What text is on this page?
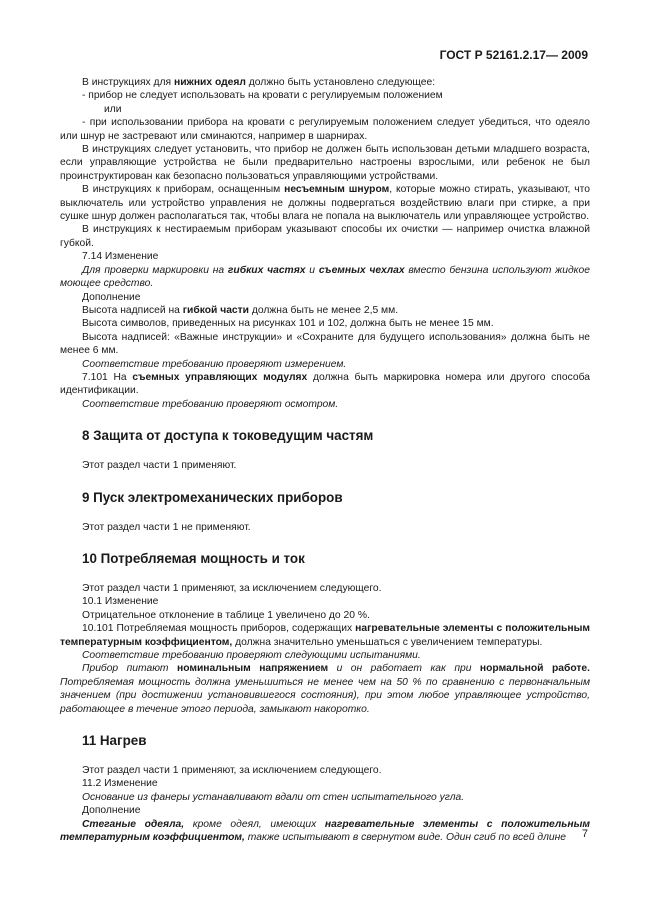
ГОСТ Р 52161.2.17— 2009

В инструкциях для нижних одеял должно быть установлено следующее:

- прибор не следует использовать на кровати с регулируемым положением

или

- при использовании прибора на кровати с регулируемым положением следует убедиться, что одеяло или шнур не застревают или сминаются, например в шарнирах.

В инструкциях следует установить, что прибор не должен быть использован детьми младшего возраста, если управляющие устройства не были предварительно настроены взрослыми, или ребенок не был проинструктирован как безопасно пользоваться управляющими устройствами.

В инструкциях к приборам, оснащенным несъемным шнуром, которые можно стирать, указывают, что выключатель или устройство управления не должны подвергаться воздействию влаги при стирке, а при сушке шнур должен располагаться так, чтобы влага не попала на выключатель или управляющее устройство.

В инструкциях к нестираемым приборам указывают способы их очистки — например очистка влажной губкой.

7.14 Изменение

Для проверки маркировки на гибких частях и съемных чехлах вместо бензина используют жидкое моющее средство.

Дополнение

Высота надписей на гибкой части должна быть не менее 2,5 мм.

Высота символов, приведенных на рисунках 101 и 102, должна быть не менее 15 мм.

Высота надписей: «Важные инструкции» и «Сохраните для будущего использования» должна быть не менее 6 мм.

Соответствие требованию проверяют измерением.

7.101 На съемных управляющих модулях должна быть маркировка номера или другого способа идентификации.

Соответствие требованию проверяют осмотром.

8 Защита от доступа к токоведущим частям

Этот раздел части 1 применяют.

9 Пуск электромеханических приборов

Этот раздел части 1 не применяют.

10 Потребляемая мощность и ток

Этот раздел части 1 применяют, за исключением следующего.

10.1 Изменение

Отрицательное отклонение в таблице 1 увеличено до 20 %.

10.101 Потребляемая мощность приборов, содержащих нагревательные элементы с положительным температурным коэффициентом, должна значительно уменьшаться с увеличением температуры.

Соответствие требованию проверяют следующими испытаниями.

Прибор питают номинальным напряжением и он работает как при нормальной работе. Потребляемая мощность должна уменьшиться не менее чем на 50 % по сравнению с первоначальным значением (при достижении установившегося состояния), при этом любое управляющее устройство, работающее в течение этого периода, замыкают накоротко.

11 Нагрев

Этот раздел части 1 применяют, за исключением следующего.

11.2 Изменение

Основание из фанеры устанавливают вдали от стен испытательного угла.

Дополнение

Стеганые одеяла, кроме одеял, имеющих нагревательные элементы с положительным температурным коэффициентом, также испытывают в свернутом виде. Один сгиб по всей длине	7
